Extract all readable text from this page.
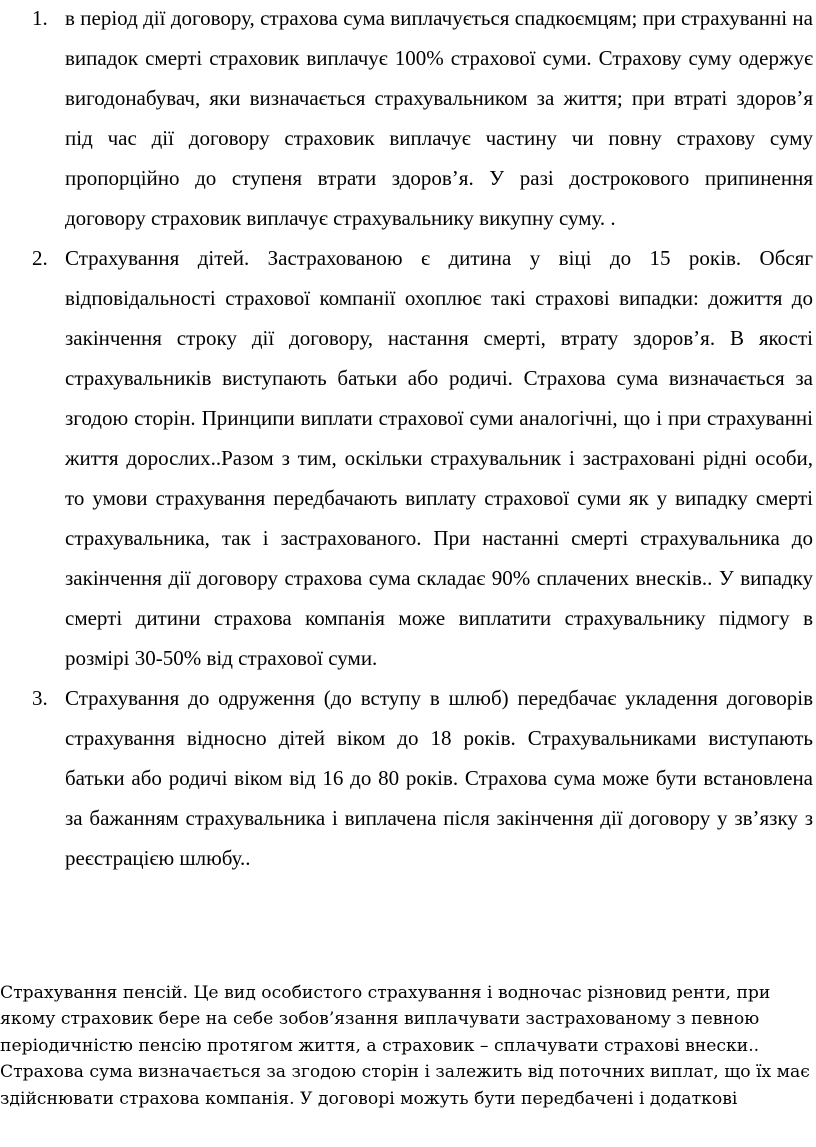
1. в період дії договору, страхова сума виплачується спадкоємцям; при страхуванні на випадок смерті страховик виплачує 100% страхової суми. Страхову суму одержує вигодонабувач, яки визначається страхувальником за життя; при втраті здоров’я під час дії договору страховик виплачує частину чи повну страхову суму пропорційно до ступеня втрати здоров’я. У разі дострокового припинення договору страховик виплачує страхувальнику викупну суму. .
2. Страхування дітей. Застрахованою є дитина у віці до 15 років. Обсяг відповідальності страхової компанії охоплює такі страхові випадки: дожиття до закінчення строку дії договору, настання смерті, втрату здоров’я. В якості страхувальників виступають батьки або родичі. Страхова сума визначається за згодою сторін. Принципи виплати страхової суми аналогічні, що і при страхуванні життя дорослих..Разом з тим, оскільки страхувальник і застраховані рідні особи, то умови страхування передбачають виплату страхової суми як у випадку смерті страхувальника, так і застрахованого. При настанні смерті страхувальника до закінчення дії договору страхова сума складає 90% сплачених внесків.. У випадку смерті дитини страхова компанія може виплатити страхувальнику підмогу в розмірі 30-50% від страхової суми.
3. Страхування до одруження (до вступу в шлюб) передбачає укладення договорів страхування відносно дітей віком до 18 років. Страхувальниками виступають батьки або родичі віком від 16 до 80 років. Страхова сума може бути встановлена за бажанням страхувальника і виплачена після закінчення дії договору у зв’язку з реєстрацією шлюбу..

Страхування пенсій. Це вид особистого страхування і водночас різновид ренти, при якому страховик бере на себе зобов’язання виплачувати застрахованому з певною періодичністю пенсію протягом життя, а страховик – сплачувати страхові внески.. Страхова сума визначається за згодою сторін і залежить від поточних виплат, що їх має здійснювати страхова компанія. У договорі можуть бути передбачені і додаткові
